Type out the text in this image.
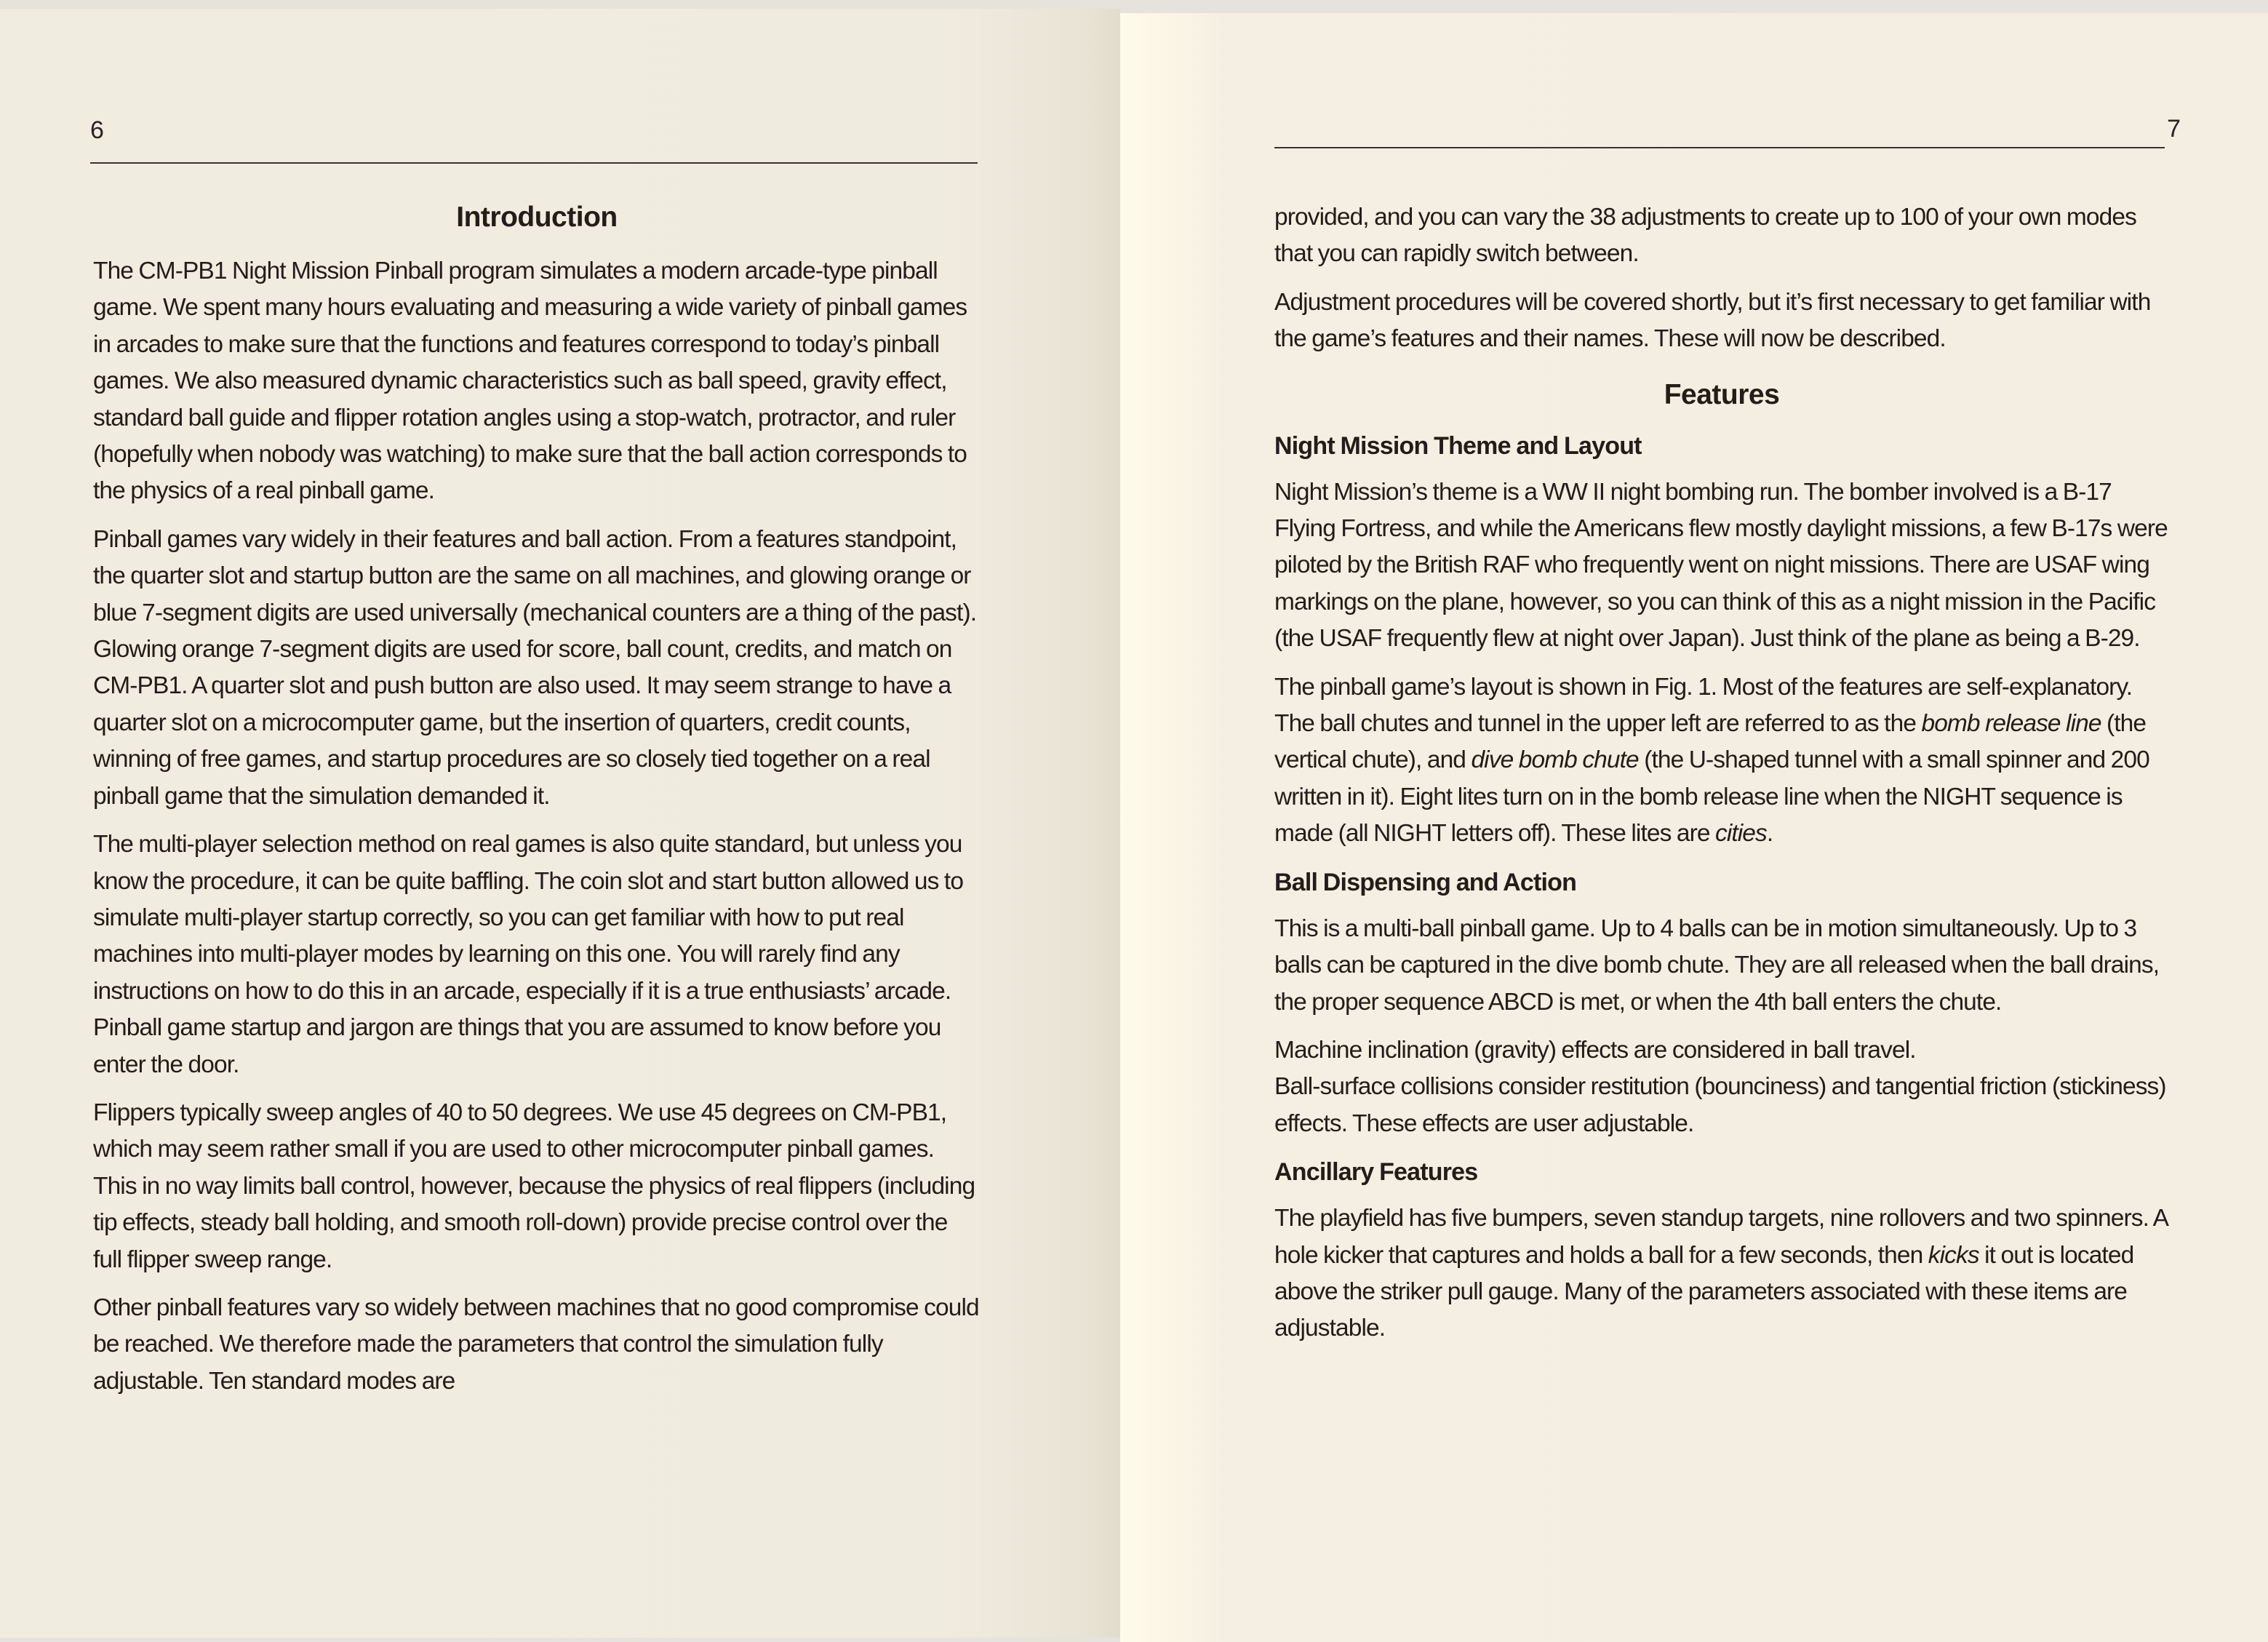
6
Introduction

The CM-PB1 Night Mission Pinball program simulates a modern arcade-type pinball game. We spent many hours evaluating and measuring a wide variety of pinball games in arcades to make sure that the functions and features correspond to today’s pinball games. We also measured dynamic characteristics such as ball speed, gravity effect, standard ball guide and flipper rotation angles using a stop-watch, protractor, and ruler (hopefully when nobody was watching) to make sure that the ball action corresponds to the physics of a real pinball game.

Pinball games vary widely in their features and ball action. From a features standpoint, the quarter slot and startup button are the same on all machines, and glowing orange or blue 7-segment digits are used universally (mechanical counters are a thing of the past). Glowing orange 7-segment digits are used for score, ball count, credits, and match on CM-PB1. A quarter slot and push button are also used. It may seem strange to have a quarter slot on a microcomputer game, but the insertion of quarters, credit counts, winning of free games, and startup procedures are so closely tied together on a real pinball game that the simulation demanded it.

The multi-player selection method on real games is also quite standard, but unless you know the procedure, it can be quite baffling. The coin slot and start button allowed us to simulate multi-player startup correctly, so you can get familiar with how to put real machines into multi-player modes by learning on this one. You will rarely find any instructions on how to do this in an arcade, especially if it is a true enthusiasts’ arcade. Pinball game startup and jargon are things that you are assumed to know before you enter the door.

Flippers typically sweep angles of 40 to 50 degrees. We use 45 degrees on CM-PB1, which may seem rather small if you are used to other microcomputer pinball games. This in no way limits ball control, however, because the physics of real flippers (including tip effects, steady ball holding, and smooth roll-down) provide precise control over the full flipper sweep range.

Other pinball features vary so widely between machines that no good compromise could be reached. We therefore made the parameters that control the simulation fully adjustable. Ten standard modes are

7

provided, and you can vary the 38 adjustments to create up to 100 of your own modes that you can rapidly switch between.

Adjustment procedures will be covered shortly, but it’s first necessary to get familiar with the game’s features and their names. These will now be described.

Features
Night Mission Theme and Layout

Night Mission’s theme is a WW II night bombing run. The bomber involved is a B-17 Flying Fortress, and while the Americans flew mostly daylight missions, a few B-17s were piloted by the British RAF who frequently went on night missions. There are USAF wing markings on the plane, however, so you can think of this as a night mission in the Pacific (the USAF frequently flew at night over Japan). Just think of the plane as being a B-29.

The pinball game’s layout is shown in Fig. 1. Most of the features are self-explanatory. The ball chutes and tunnel in the upper left are referred to as the bomb release line (the vertical chute), and dive bomb chute (the U-shaped tunnel with a small spinner and 200 written in it). Eight lites turn on in the bomb release line when the NIGHT sequence is made (all NIGHT letters off). These lites are cities.

Ball Dispensing and Action

This is a multi-ball pinball game. Up to 4 balls can be in motion simultaneously. Up to 3 balls can be captured in the dive bomb chute. They are all released when the ball drains, the proper sequence ABCD is met, or when the 4th ball enters the chute.

Machine inclination (gravity) effects are considered in ball travel.

Ball-surface collisions consider restitution (bounciness) and tangential friction (stickiness) effects. These effects are user adjustable.

Ancillary Features

The playfield has five bumpers, seven standup targets, nine rollovers and two spinners. A hole kicker that captures and holds a ball for a few seconds, then kicks it out is located above the striker pull gauge. Many of the parameters associated with these items are adjustable.
